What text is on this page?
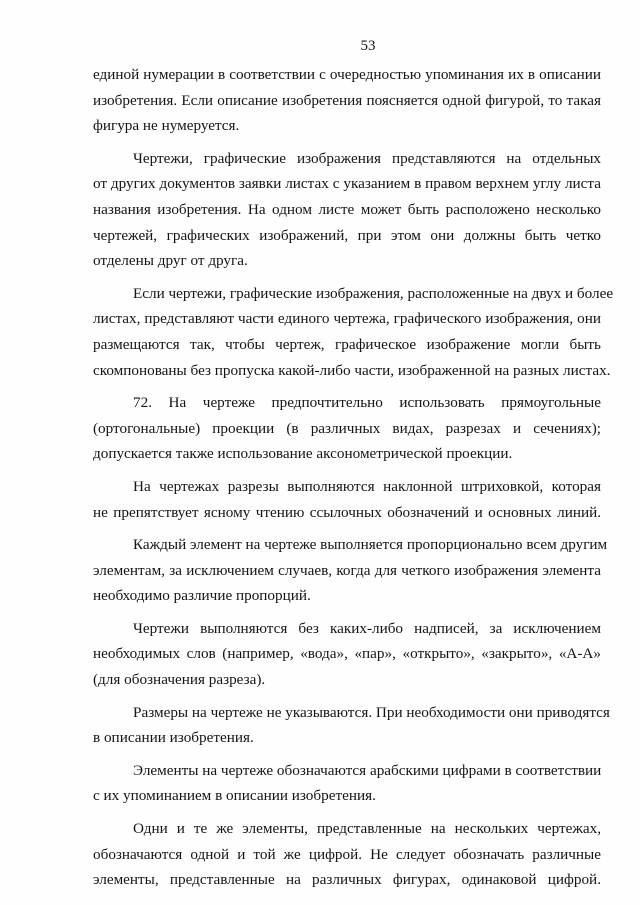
53
единой нумерации в соответствии с очередностью упоминания их в описании
изобретения. Если описание изобретения поясняется одной фигурой, то такая
фигура не нумеруется.
Чертежи, графические изображения представляются на отдельных
от других документов заявки листах с указанием в правом верхнем углу листа
названия изобретения. На одном листе может быть расположено несколько
чертежей, графических изображений, при этом они должны быть четко
отделены друг от друга.
Если чертежи, графические изображения, расположенные на двух и более
листах, представляют части единого чертежа, графического изображения, они
размещаются так, чтобы чертеж, графическое изображение могли быть
скомпонованы без пропуска какой-либо части, изображенной на разных листах.
72. На чертеже предпочтительно использовать прямоугольные
(ортогональные) проекции (в различных видах, разрезах и сечениях);
допускается также использование аксонометрической проекции.
На чертежах разрезы выполняются наклонной штриховкой, которая
не препятствует ясному чтению ссылочных обозначений и основных линий.
Каждый элемент на чертеже выполняется пропорционально всем другим
элементам, за исключением случаев, когда для четкого изображения элемента
необходимо различие пропорций.
Чертежи выполняются без каких-либо надписей, за исключением
необходимых слов (например, «вода», «пар», «открыто», «закрыто», «А-А»
(для обозначения разреза).
Размеры на чертеже не указываются. При необходимости они приводятся
в описании изобретения.
Элементы на чертеже обозначаются арабскими цифрами в соответствии
с их упоминанием в описании изобретения.
Одни и те же элементы, представленные на нескольких чертежах,
обозначаются одной и той же цифрой. Не следует обозначать различные
элементы, представленные на различных фигурах, одинаковой цифрой.
